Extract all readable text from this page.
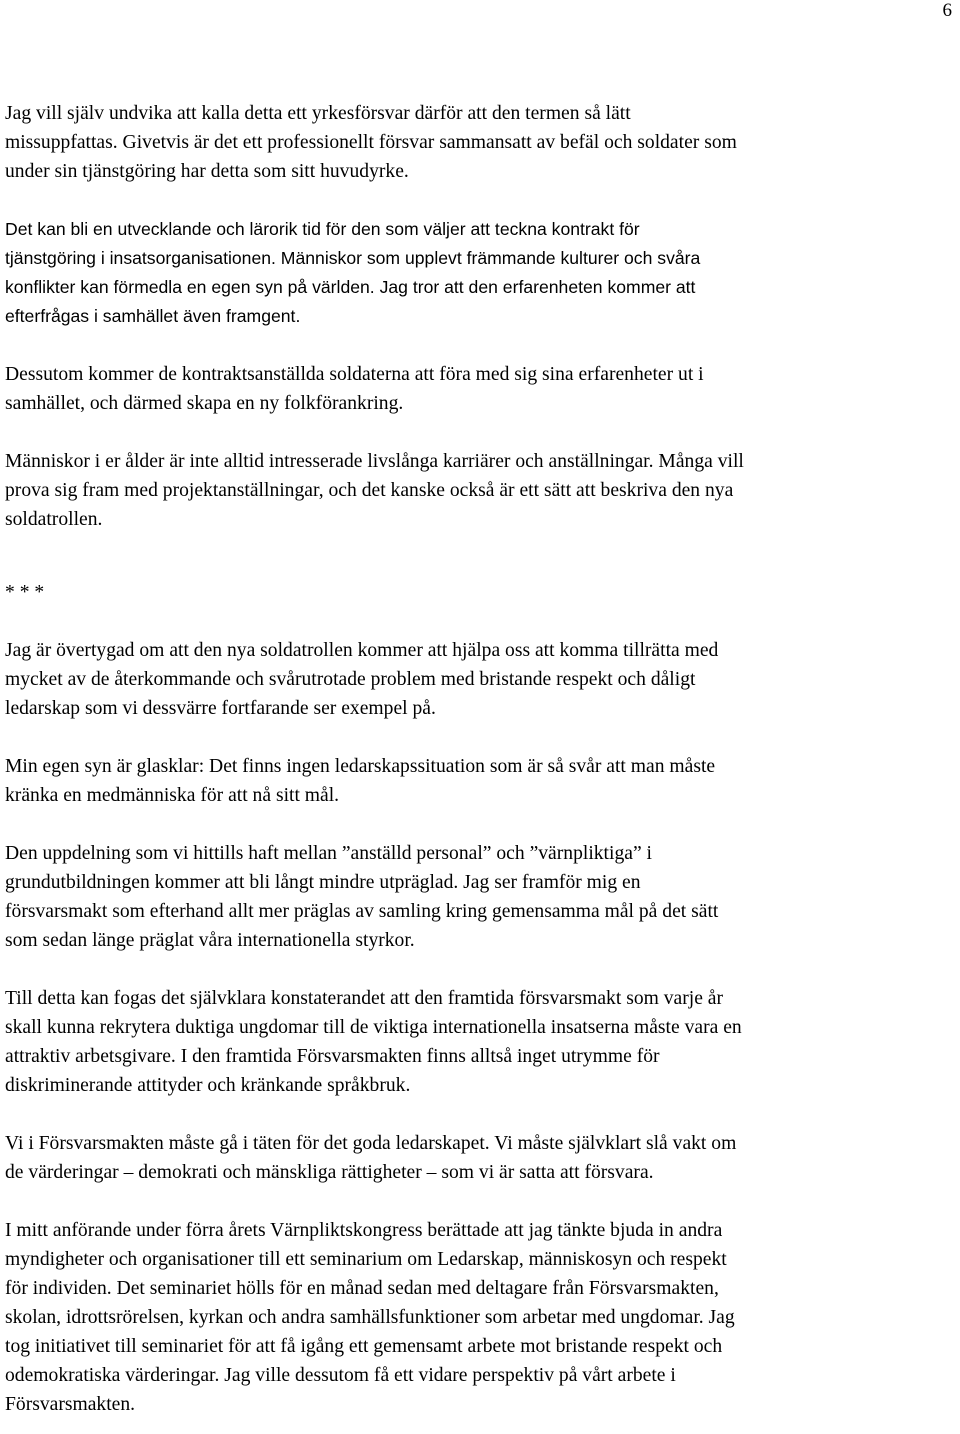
6

Jag vill själv undvika att kalla detta ett yrkesförsvar därför att den termen så lätt
missuppfattas. Givetvis är det ett professionellt försvar sammansatt av befäl och soldater som
under sin tjänstgöring har detta som sitt huvudyrke.

Det kan bli en utvecklande och lärorik tid för den som väljer att teckna kontrakt för
tjänstgöring i insatsorganisationen. Människor som upplevt främmande kulturer och svåra
konflikter kan förmedla en egen syn på världen. Jag tror att den erfarenheten kommer att
efterfrågas i samhället även framgent.

Dessutom kommer de kontraktsanställda soldaterna att föra med sig sina erfarenheter ut i
samhället, och därmed skapa en ny folkförankring.

Människor i er ålder är inte alltid intresserade livslånga karriärer och anställningar. Många vill
prova sig fram med projektanställningar, och det kanske också är ett sätt att beskriva den nya
soldatrollen.

* * *

Jag är övertygad om att den nya soldatrollen kommer att hjälpa oss att komma tillrätta med
mycket av de återkommande och svårutrotade problem med bristande respekt och dåligt
ledarskap som vi dessvärre fortfarande ser exempel på.

Min egen syn är glasklar: Det finns ingen ledarskapssituation som är så svår att man måste
kränka en medmänniska för att nå sitt mål.

Den uppdelning som vi hittills haft mellan ”anställd personal” och ”värnpliktiga” i
grundutbildningen kommer att bli långt mindre utpräglad. Jag ser framför mig en
försvarsmakt som efterhand allt mer präglas av samling kring gemensamma mål på det sätt
som sedan länge präglat våra internationella styrkor.

Till detta kan fogas det självklara konstaterandet att den framtida försvarsmakt som varje år
skall kunna rekrytera duktiga ungdomar till de viktiga internationella insatserna måste vara en
attraktiv arbetsgivare. I den framtida Försvarsmakten finns alltså inget utrymme för
diskriminerande attityder och kränkande språkbruk.

Vi i Försvarsmakten måste gå i täten för det goda ledarskapet. Vi måste självklart slå vakt om
de värderingar – demokrati och mänskliga rättigheter – som vi är satta att försvara.

I mitt anförande under förra årets Värnpliktskongress berättade att jag tänkte bjuda in andra
myndigheter och organisationer till ett seminarium om Ledarskap, människosyn och respekt
för individen. Det seminariet hölls för en månad sedan med deltagare från Försvarsmakten,
skolan, idrottsrörelsen, kyrkan och andra samhällsfunktioner som arbetar med ungdomar. Jag
tog initiativet till seminariet för att få igång ett gemensamt arbete mot bristande respekt och
odemokratiska värderingar. Jag ville dessutom få ett vidare perspektiv på vårt arbete i
Försvarsmakten.
